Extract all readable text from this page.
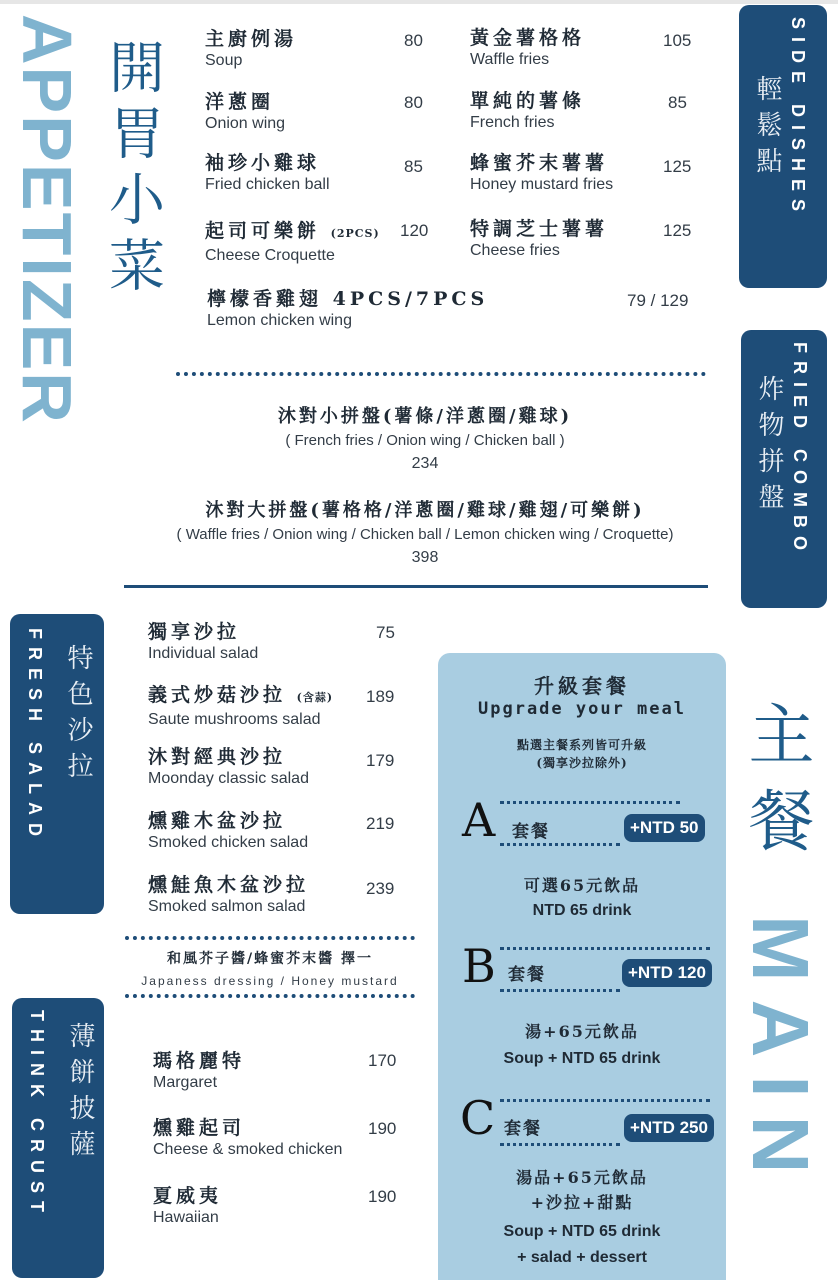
APPETIZER 開胃小菜
MAIN
主餐
SIDE DISHES
輕鬆點
FRIED COMBO
炸物拼盤
FRESH SALAD 特色沙拉
THINK CRUST 薄餅披薩
主廚例湯
Soup
80
洋蔥圈
Onion wing
80
袖珍小雞球
Fried chicken ball
85
起司可樂餅 (2PCS)
Cheese Croquette
120
黃金薯格格
Waffle fries
105
單純的薯條
French fries
85
蜂蜜芥末薯薯
Honey mustard fries
125
特調芝士薯薯
Cheese fries
125
檸檬香雞翅 4PCS/7PCS
Lemon chicken wing
79 / 129
沐對小拼盤(薯條/洋蔥圈/雞球)
( French fries / Onion wing / Chicken ball )
234
沐對大拼盤(薯格格/洋蔥圈/雞球/雞翅/可樂餅)
( Waffle fries / Onion wing / Chicken ball / Lemon chicken wing / Croquette)
398
獨享沙拉
Individual salad
75
義式炒菇沙拉 (含蒜)
Saute mushrooms salad
189
沐對經典沙拉
Moonday classic salad
179
燻雞木盆沙拉
Smoked chicken salad
219
燻鮭魚木盆沙拉
Smoked salmon salad
239
和風芥子醬/蜂蜜芥末醬 擇一
Japaness dressing / Honey mustard
瑪格麗特
Margaret
170
燻雞起司
Cheese & smoked chicken
190
夏威夷
Hawaiian
190
升級套餐
Upgrade your meal
點選主餐系列皆可升級
(獨享沙拉除外)
A 套餐	+NTD 50
可選65元飲品
NTD 65 drink
B 套餐	+NTD 120
湯+65元飲品
Soup + NTD 65 drink
C 套餐	+NTD 250
湯品+65元飲品
+沙拉+甜點
Soup + NTD 65 drink
+ salad + dessert
